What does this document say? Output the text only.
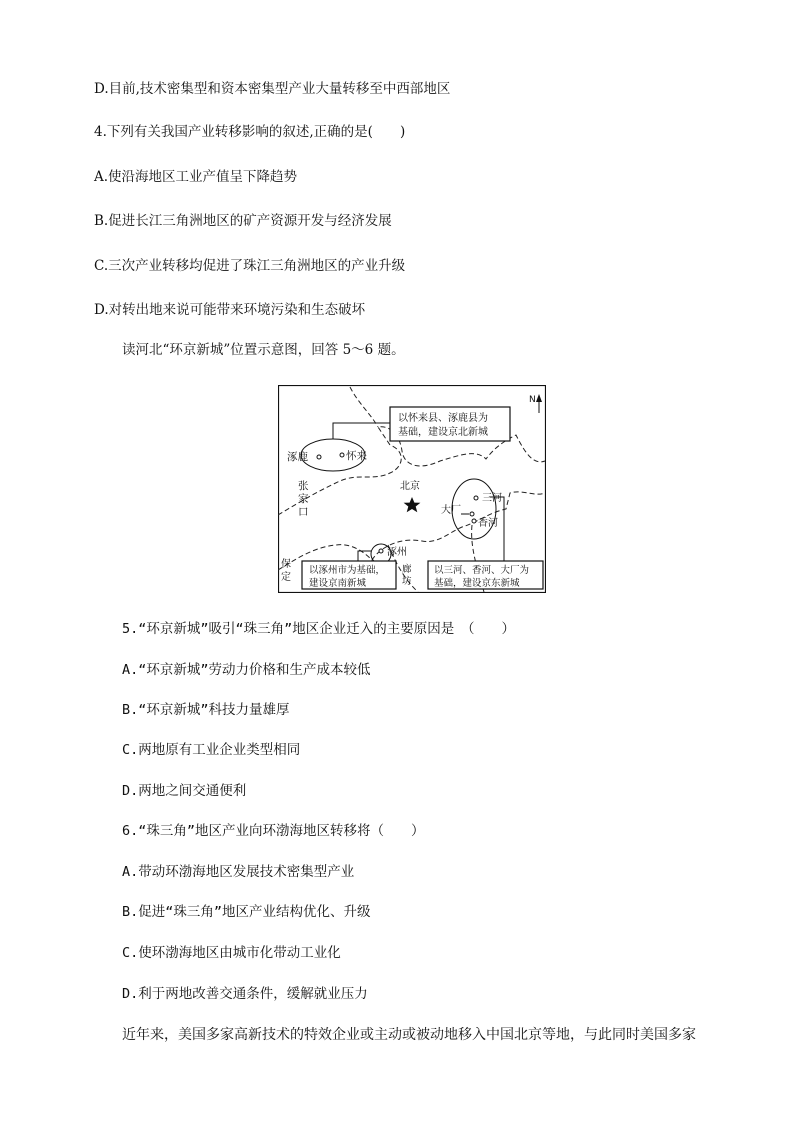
D.目前,技术密集型和资本密集型产业大量转移至中西部地区
4.下列有关我国产业转移影响的叙述,正确的是(　　)
A.使沿海地区工业产值呈下降趋势
B.促进长江三角洲地区的矿产资源开发与经济发展
C.三次产业转移均促进了珠江三角洲地区的产业升级
D.对转出地来说可能带来环境污染和生态破坏
读河北“环京新城”位置示意图，回答 5～6 题。
N
以怀来县、涿鹿县为
基础，建设京北新城
以涿州市为基础，
建设京南新城
以三河、香河、大厂为
基础，建设京东新城
涿鹿	怀来
张
家
口
北京
三河
大厂
香河
涿州
廊
坊
保
定
5.“环京新城”吸引“珠三角”地区企业迁入的主要原因是　（　　）
A.“环京新城”劳动力价格和生产成本较低
B.“环京新城”科技力量雄厚
C.两地原有工业企业类型相同
D.两地之间交通便利
6.“珠三角”地区产业向环渤海地区转移将（　　）
A.带动环渤海地区发展技术密集型产业
B.促进“珠三角”地区产业结构优化、升级
C.使环渤海地区由城市化带动工业化
D.利于两地改善交通条件，缓解就业压力
近年来，美国多家高新技术的特效企业或主动或被动地移入中国北京等地，与此同时美国多家
